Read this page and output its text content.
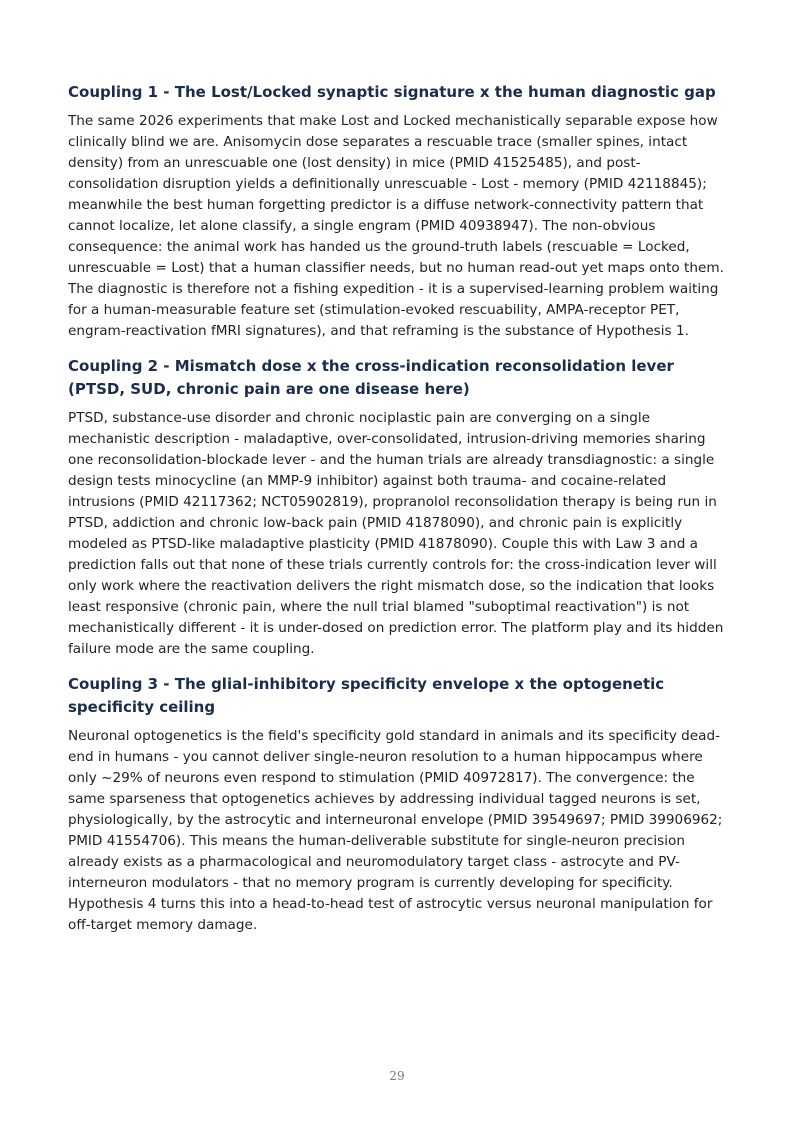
Coupling 1 - The Lost/Locked synaptic signature x the human diagnostic gap

The same 2026 experiments that make Lost and Locked mechanistically separable expose how clinically blind we are. Anisomycin dose separates a rescuable trace (smaller spines, intact density) from an unrescuable one (lost density) in mice (PMID 41525485), and post-consolidation disruption yields a definitionally unrescuable - Lost - memory (PMID 42118845); meanwhile the best human forgetting predictor is a diffuse network-connectivity pattern that cannot localize, let alone classify, a single engram (PMID 40938947). The non-obvious consequence: the animal work has handed us the ground-truth labels (rescuable = Locked, unrescuable = Lost) that a human classifier needs, but no human read-out yet maps onto them. The diagnostic is therefore not a fishing expedition - it is a supervised-learning problem waiting for a human-measurable feature set (stimulation-evoked rescuability, AMPA-receptor PET, engram-reactivation fMRI signatures), and that reframing is the substance of Hypothesis 1.

Coupling 2 - Mismatch dose x the cross-indication reconsolidation lever (PTSD, SUD, chronic pain are one disease here)

PTSD, substance-use disorder and chronic nociplastic pain are converging on a single mechanistic description - maladaptive, over-consolidated, intrusion-driving memories sharing one reconsolidation-blockade lever - and the human trials are already transdiagnostic: a single design tests minocycline (an MMP-9 inhibitor) against both trauma- and cocaine-related intrusions (PMID 42117362; NCT05902819), propranolol reconsolidation therapy is being run in PTSD, addiction and chronic low-back pain (PMID 41878090), and chronic pain is explicitly modeled as PTSD-like maladaptive plasticity (PMID 41878090). Couple this with Law 3 and a prediction falls out that none of these trials currently controls for: the cross-indication lever will only work where the reactivation delivers the right mismatch dose, so the indication that looks least responsive (chronic pain, where the null trial blamed "suboptimal reactivation") is not mechanistically different - it is under-dosed on prediction error. The platform play and its hidden failure mode are the same coupling.

Coupling 3 - The glial-inhibitory specificity envelope x the optogenetic specificity ceiling

Neuronal optogenetics is the field's specificity gold standard in animals and its specificity dead-end in humans - you cannot deliver single-neuron resolution to a human hippocampus where only ~29% of neurons even respond to stimulation (PMID 40972817). The convergence: the same sparseness that optogenetics achieves by addressing individual tagged neurons is set, physiologically, by the astrocytic and interneuronal envelope (PMID 39549697; PMID 39906962; PMID 41554706). This means the human-deliverable substitute for single-neuron precision already exists as a pharmacological and neuromodulatory target class - astrocyte and PV-interneuron modulators - that no memory program is currently developing for specificity. Hypothesis 4 turns this into a head-to-head test of astrocytic versus neuronal manipulation for off-target memory damage.

29
